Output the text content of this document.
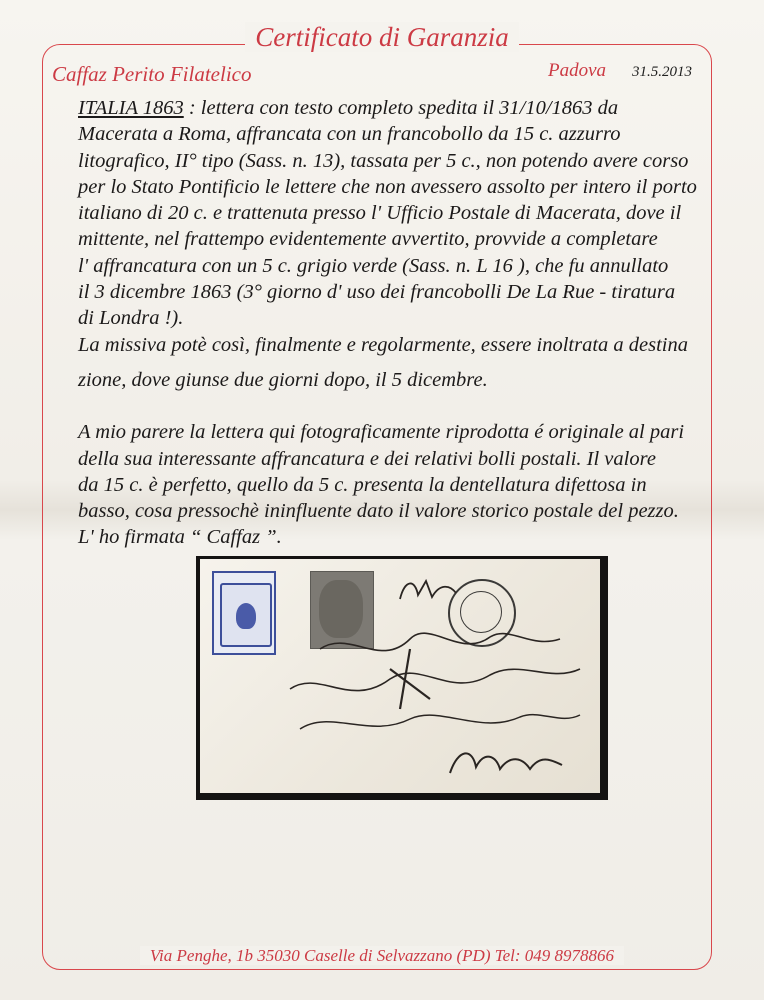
Certificato di Garanzia
Caffaz Perito Filatelico	Padova 31.5.2013
ITALIA 1863 : lettera con testo completo spedita il 31/10/1863 da
Macerata a Roma, affrancata con un francobollo da 15 c. azzurro
litografico, II° tipo (Sass. n. 13), tassata per 5 c., non potendo avere corso
per lo Stato Pontificio le lettere che non avessero assolto per intero il porto
italiano di 20 c. e trattenuta presso l' Ufficio Postale di Macerata, dove il
mittente, nel frattempo evidentemente avvertito, provvide a completare
l' affrancatura con un 5 c. grigio verde (Sass. n. L 16 ), che fu annullato
il 3 dicembre 1863 (3° giorno d' uso dei francobolli De La Rue - tiratura
di Londra !).
La missiva potè così, finalmente e regolarmente, essere inoltrata a destina
zione, dove giunse due giorni dopo, il 5 dicembre.
A mio parere la lettera qui fotograficamente riprodotta é originale al pari
della sua interessante affrancatura e dei relativi bolli postali. Il valore
da 15 c. è perfetto, quello da 5 c. presenta la dentellatura difettosa in
basso, cosa pressochè ininfluente dato il valore storico postale del pezzo.
L' ho firmata “ Caffaz ”.
Via Penghe, 1b 35030 Caselle di Selvazzano (PD) Tel: 049 8978866
